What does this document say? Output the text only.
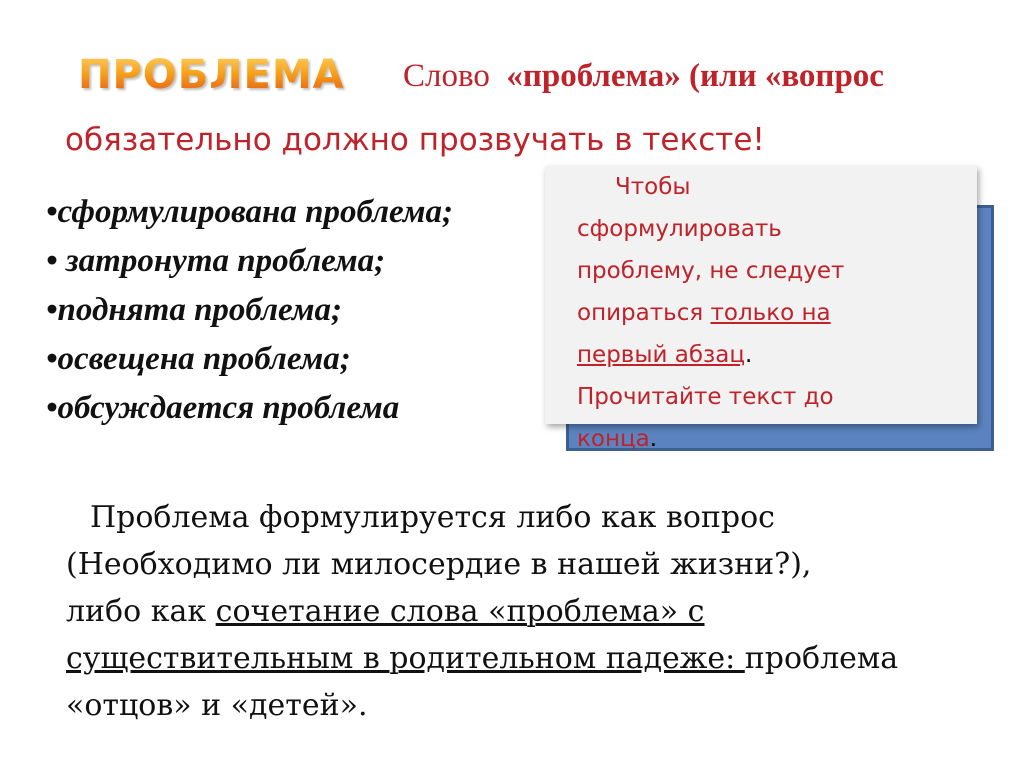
ПРОБЛЕМА Слово «проблема» (или «вопрос
обязательно должно прозвучать в тексте!
•сформулирована проблема;
• затронута проблема;
•поднята проблема;
•освещена проблема;
•обсуждается проблема
Чтобы
сформулировать
проблему, не следует
опираться только на
первый абзац.
Прочитайте текст до
конца.
Проблема формулируется либо как вопрос
(Необходимо ли милосердие в нашей жизни?),
либо как сочетание слова «проблема» с
существительным в родительном падеже: проблема
«отцов» и «детей».
